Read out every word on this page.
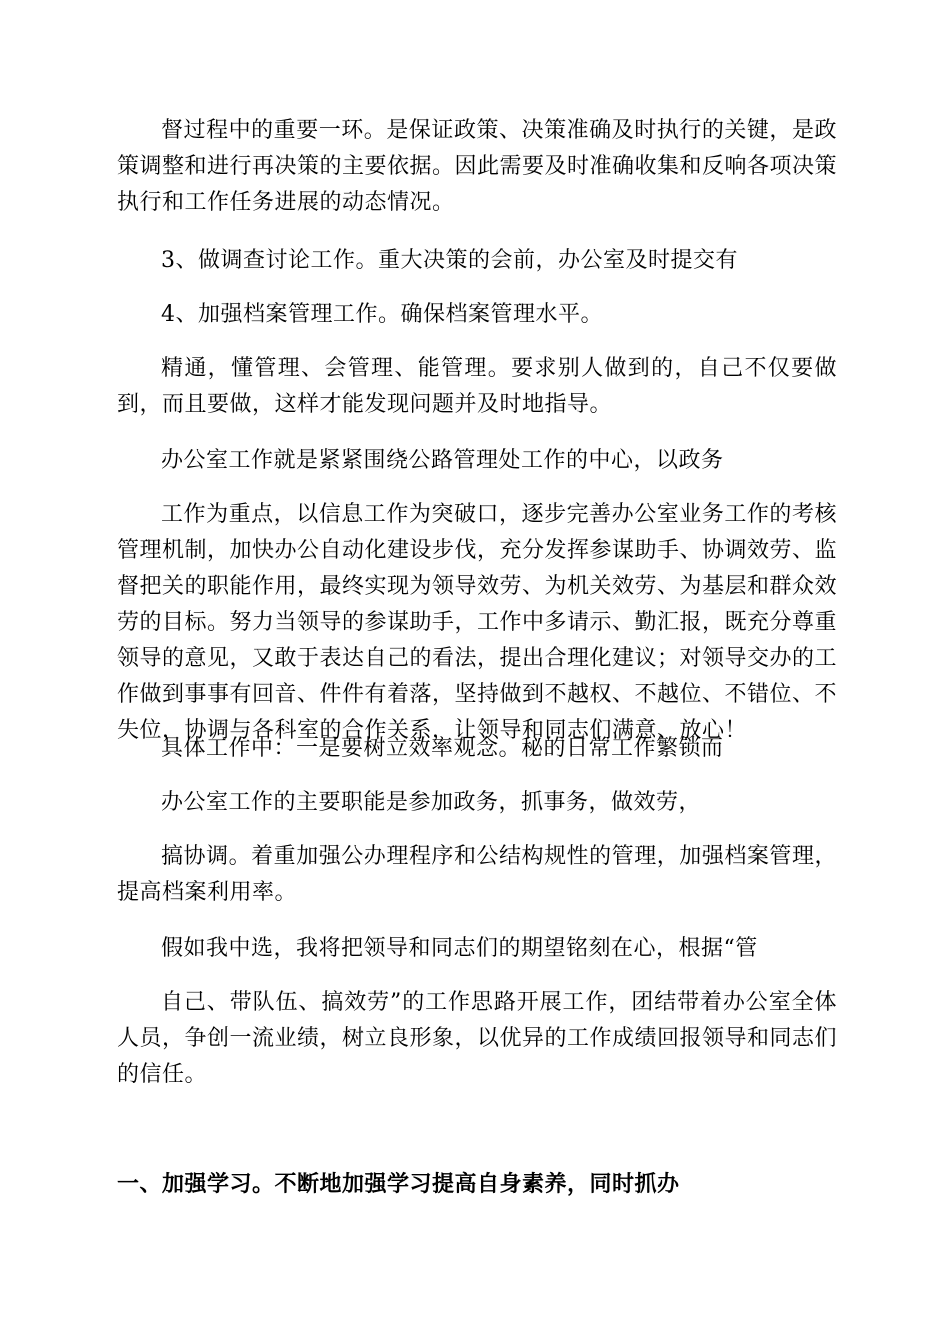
督过程中的重要一环。是保证政策、决策准确及时执行的关键，是政策调整和进行再决策的主要依据。因此需要及时准确收集和反响各项决策执行和工作任务进展的动态情况。

3、做调查讨论工作。重大决策的会前，办公室及时提交有

4、加强档案管理工作。确保档案管理水平。

精通，懂管理、会管理、能管理。要求别人做到的，自己不仅要做到，而且要做，这样才能发现问题并及时地指导。

办公室工作就是紧紧围绕公路管理处工作的中心，以政务

工作为重点，以信息工作为突破口，逐步完善办公室业务工作的考核管理机制，加快办公自动化建设步伐，充分发挥参谋助手、协调效劳、监督把关的职能作用，最终实现为领导效劳、为机关效劳、为基层和群众效劳的目标。努力当领导的参谋助手，工作中多请示、勤汇报，既充分尊重领导的意见，又敢于表达自己的看法，提出合理化建议；对领导交办的工作做到事事有回音、件件有着落，坚持做到不越权、不越位、不错位、不失位，协调与各科室的合作关系，让领导和同志们满意、放心！

具体工作中：一是要树立效率观念。秘的日常工作繁锁而

办公室工作的主要职能是参加政务，抓事务，做效劳，

搞协调。着重加强公办理程序和公结构规性的管理，加强档案管理，提高档案利用率。

假如我中选，我将把领导和同志们的期望铭刻在心，根据“管

自己、带队伍、搞效劳”的工作思路开展工作，团结带着办公室全体人员，争创一流业绩，树立良形象，以优异的工作成绩回报领导和同志们的信任。

一、加强学习。不断地加强学习提高自身素养，同时抓办
